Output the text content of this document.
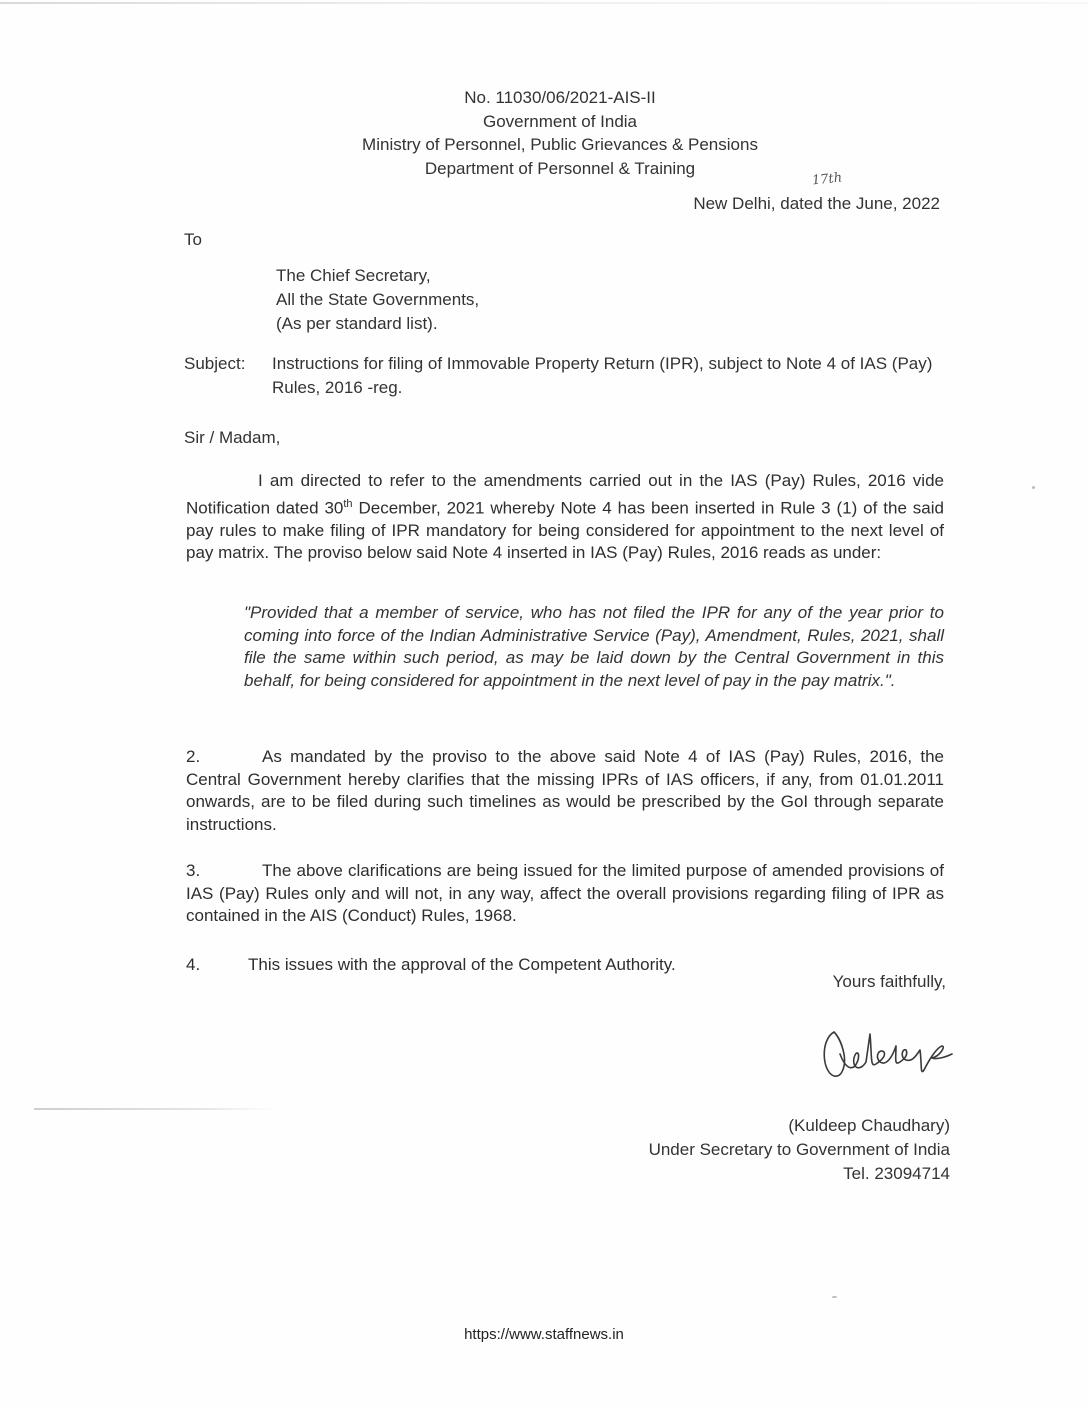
No. 11030/06/2021-AIS-II
Government of India
Ministry of Personnel, Public Grievances & Pensions
Department of Personnel & Training
17th
New Delhi, dated the June, 2022
To
The Chief Secretary,
All the State Governments,
(As per standard list).
Subject: Instructions for filing of Immovable Property Return (IPR), subject to Note 4 of IAS (Pay) Rules, 2016 -reg.
Sir / Madam,
I am directed to refer to the amendments carried out in the IAS (Pay) Rules, 2016 vide Notification dated 30th December, 2021 whereby Note 4 has been inserted in Rule 3 (1) of the said pay rules to make filing of IPR mandatory for being considered for appointment to the next level of pay matrix. The proviso below said Note 4 inserted in IAS (Pay) Rules, 2016 reads as under:
"Provided that a member of service, who has not filed the IPR for any of the year prior to coming into force of the Indian Administrative Service (Pay), Amendment, Rules, 2021, shall file the same within such period, as may be laid down by the Central Government in this behalf, for being considered for appointment in the next level of pay in the pay matrix.".
2.	As mandated by the proviso to the above said Note 4 of IAS (Pay) Rules, 2016, the Central Government hereby clarifies that the missing IPRs of IAS officers, if any, from 01.01.2011 onwards, are to be filed during such timelines as would be prescribed by the GoI through separate instructions.
3.	The above clarifications are being issued for the limited purpose of amended provisions of IAS (Pay) Rules only and will not, in any way, affect the overall provisions regarding filing of IPR as contained in the AIS (Conduct) Rules, 1968.
4.	This issues with the approval of the Competent Authority.
Yours faithfully,
(Kuldeep Chaudhary)
Under Secretary to Government of India
Tel. 23094714
https://www.staffnews.in
